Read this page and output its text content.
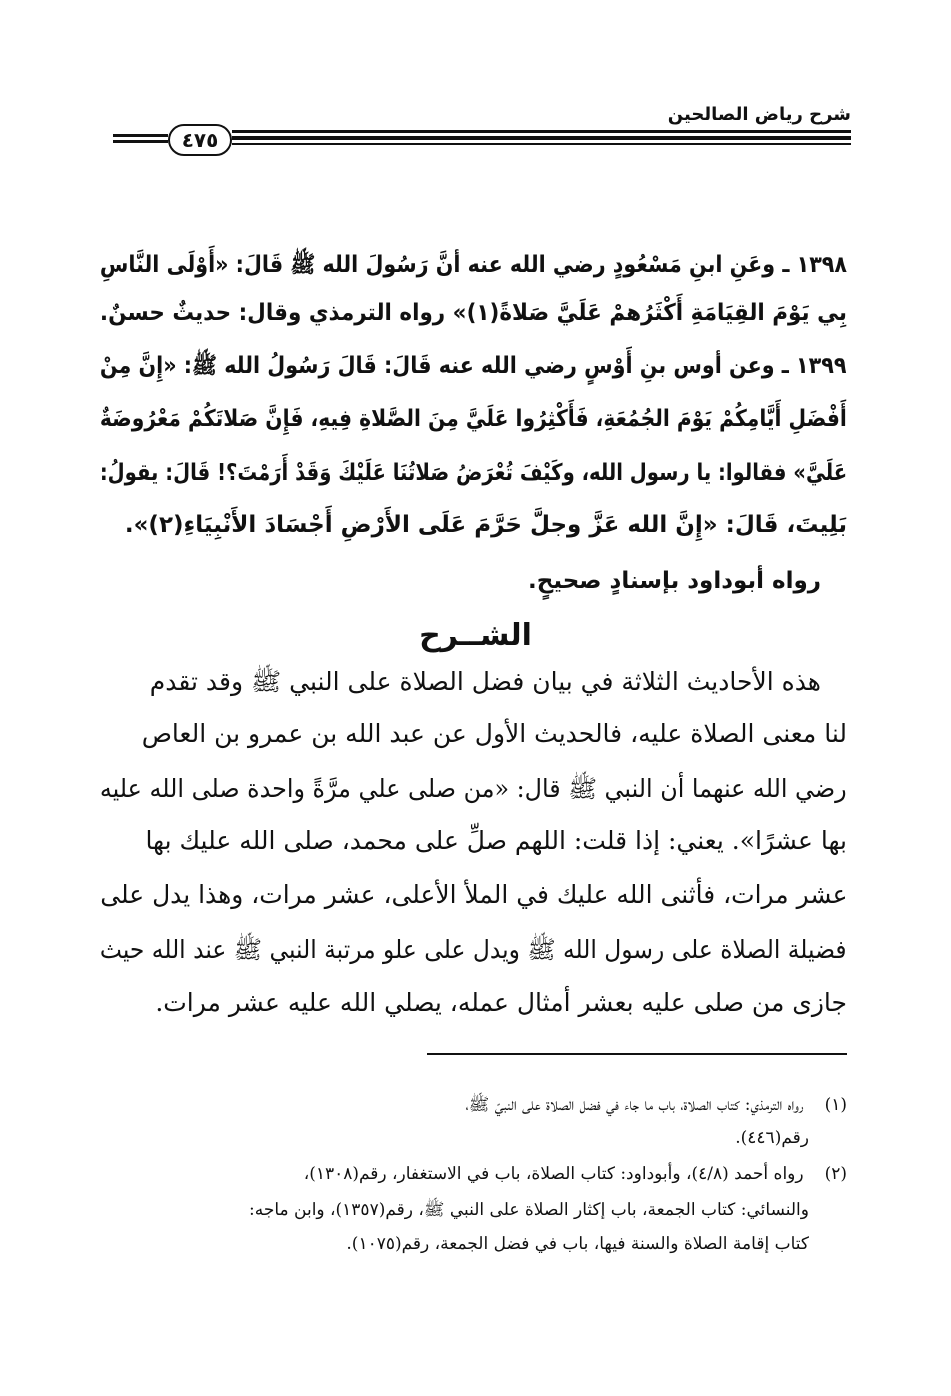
شرح رياض الصالحين
٤٧٥
١٣٩٨ ـ وعَنِ ابنِ مَسْعُودٍ رضي الله عنه أنَّ رَسُولَ الله ﷺ قَالَ: «أَوْلَى النَّاسِ
بِي يَوْمَ القِيَامَةِ أَكْثَرُهمْ عَلَيَّ صَلاةً(١)» رواه الترمذي وقال: حديثٌ حسنٌ.
١٣٩٩ ـ وعن أوس بنِ أَوْسٍ رضي الله عنه قَالَ: قَالَ رَسُولُ الله ﷺ: «إِنَّ مِنْ
أَفْضَلِ أَيَّامِكُمْ يَوْمَ الجُمُعَةِ، فَأَكْثِرُوا عَلَيَّ مِنَ الصَّلاةِ فِيهِ، فَإِنَّ صَلاتَكُمْ مَعْرُوضَةٌ
عَلَيَّ» فقالوا: يا رسول الله، وكَيْفَ تُعْرَضُ صَلاتُنَا عَلَيْكَ وَقَدْ أَرَمْتَ؟! قَالَ: يقولُ:
بَلِيتَ، قَالَ: «إِنَّ الله عَزَّ وجلَّ حَرَّمَ عَلَى الأَرْضِ أَجْسَادَ الأَنْبِيَاءِ(٢)».
رواه أبوداود بإسنادٍ صحيحٍ.
الشــرح
هذه الأحاديث الثلاثة في بيان فضل الصلاة على النبي ﷺ وقد تقدم
لنا معنى الصلاة عليه، فالحديث الأول عن عبد الله بن عمرو بن العاص
رضي الله عنهما أن النبي ﷺ قال: «من صلى علي مرَّةً واحدة صلى الله عليه
بها عشرًا». يعني: إذا قلت: اللهم صلِّ على محمد، صلى الله عليك بها
عشر مرات، فأثنى الله عليك في الملأ الأعلى، عشر مرات، وهذا يدل على
فضيلة الصلاة على رسول الله ﷺ ويدل على علو مرتبة النبي ﷺ عند الله حيث
جازى من صلى عليه بعشر أمثال عمله، يصلي الله عليه عشر مرات.
(١) رواه الترمذي: كتاب الصلاة، باب ما جاء في فضل الصلاة على النبيّ ﷺ،
رقم(٤٤٦).
(٢) رواه أحمد (٤/٨)، وأبوداود: كتاب الصلاة، باب في الاستغفار، رقم(١٣٠٨)،
والنسائي: كتاب الجمعة، باب إكثار الصلاة على النبي ﷺ، رقم(١٣٥٧)، وابن ماجه:
كتاب إقامة الصلاة والسنة فيها، باب في فضل الجمعة، رقم(١٠٧٥).
